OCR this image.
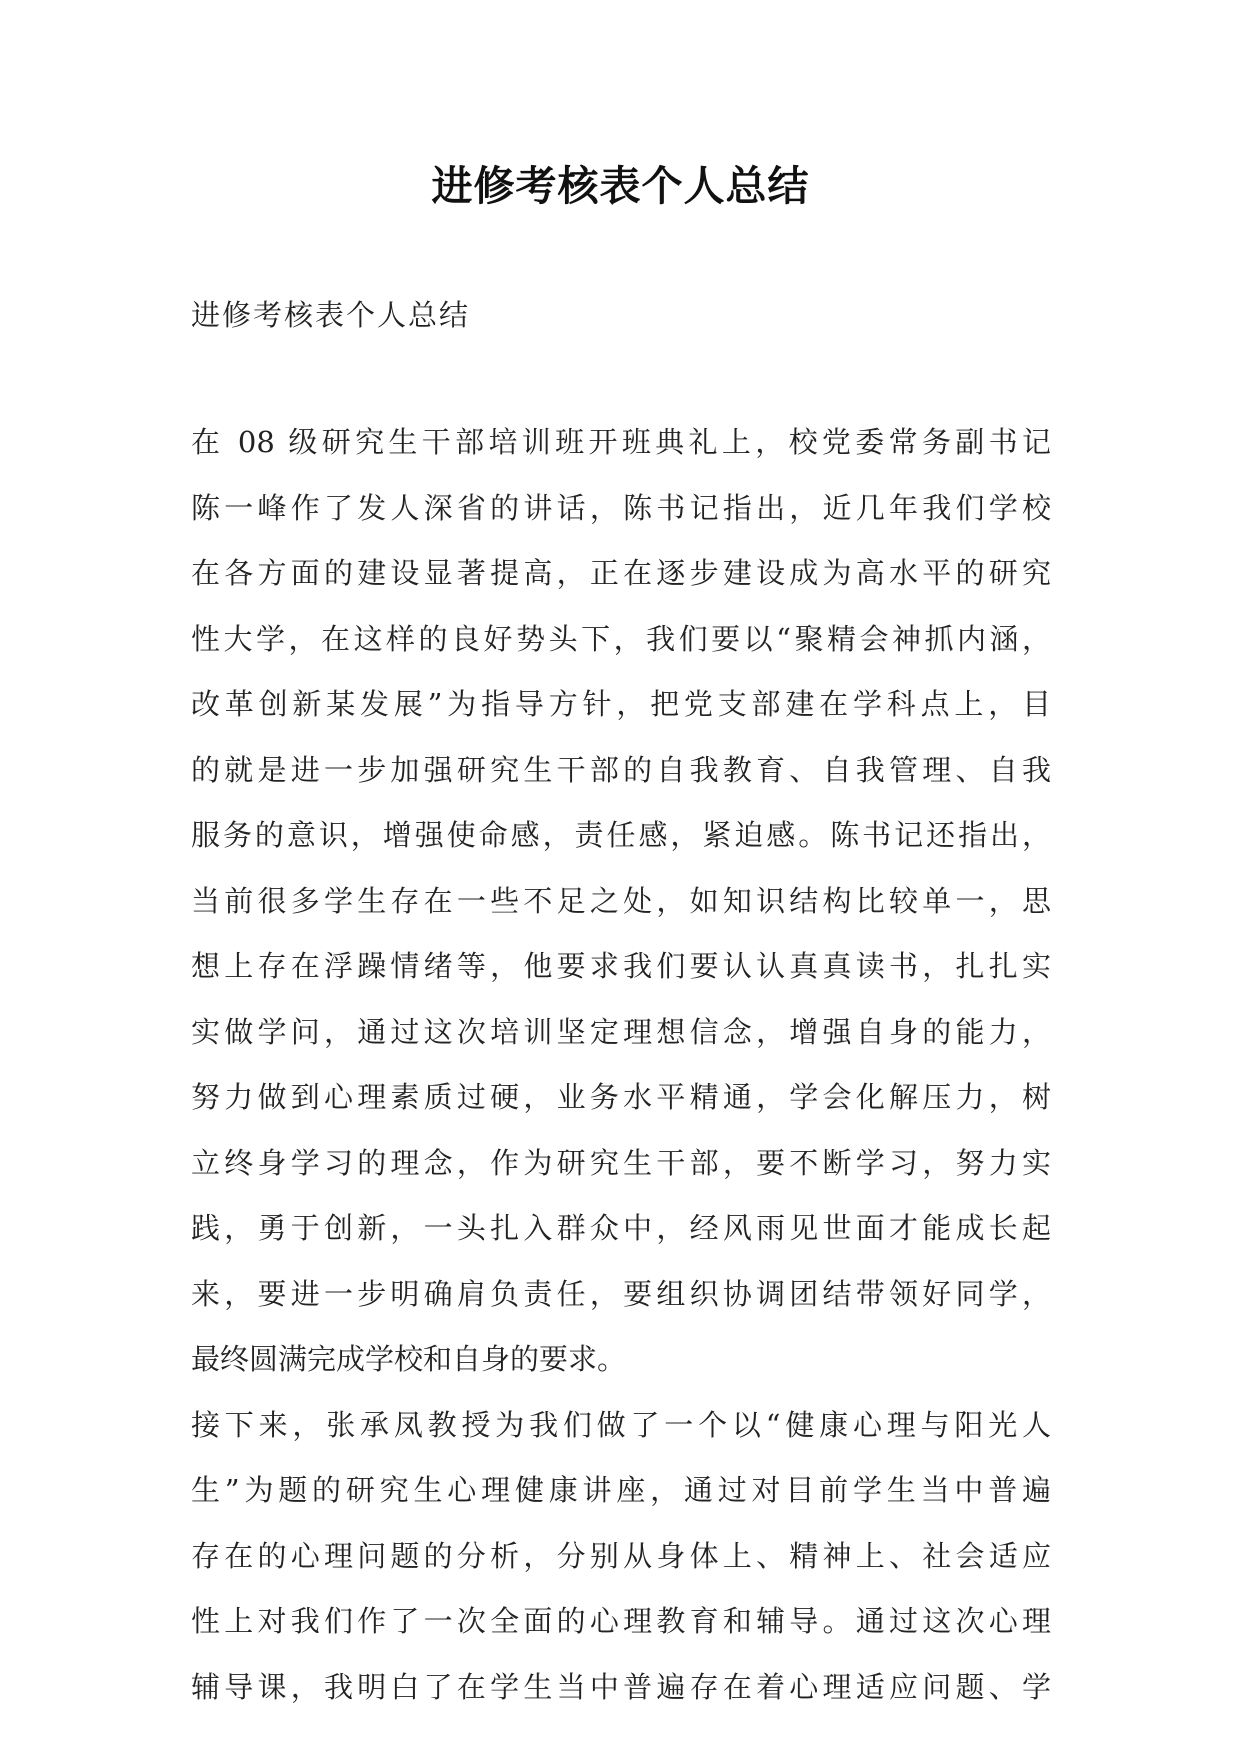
进修考核表个人总结
进修考核表个人总结
在 08 级研究生干部培训班开班典礼上，校党委常务副书记
陈一峰作了发人深省的讲话，陈书记指出，近几年我们学校
在各方面的建设显著提高，正在逐步建设成为高水平的研究
性大学，在这样的良好势头下，我们要以“聚精会神抓内涵，
改革创新某发展”为指导方针，把党支部建在学科点上，目
的就是进一步加强研究生干部的自我教育、自我管理、自我
服务的意识，增强使命感，责任感，紧迫感。陈书记还指出，
当前很多学生存在一些不足之处，如知识结构比较单一，思
想上存在浮躁情绪等，他要求我们要认认真真读书，扎扎实
实做学问，通过这次培训坚定理想信念，增强自身的能力，
努力做到心理素质过硬，业务水平精通，学会化解压力，树
立终身学习的理念，作为研究生干部，要不断学习，努力实
践，勇于创新，一头扎入群众中，经风雨见世面才能成长起
来，要进一步明确肩负责任，要组织协调团结带领好同学，
最终圆满完成学校和自身的要求。
接下来，张承凤教授为我们做了一个以“健康心理与阳光人
生”为题的研究生心理健康讲座，通过对目前学生当中普遍
存在的心理问题的分析，分别从身体上、精神上、社会适应
性上对我们作了一次全面的心理教育和辅导。通过这次心理
辅导课，我明白了在学生当中普遍存在着心理适应问题、学
